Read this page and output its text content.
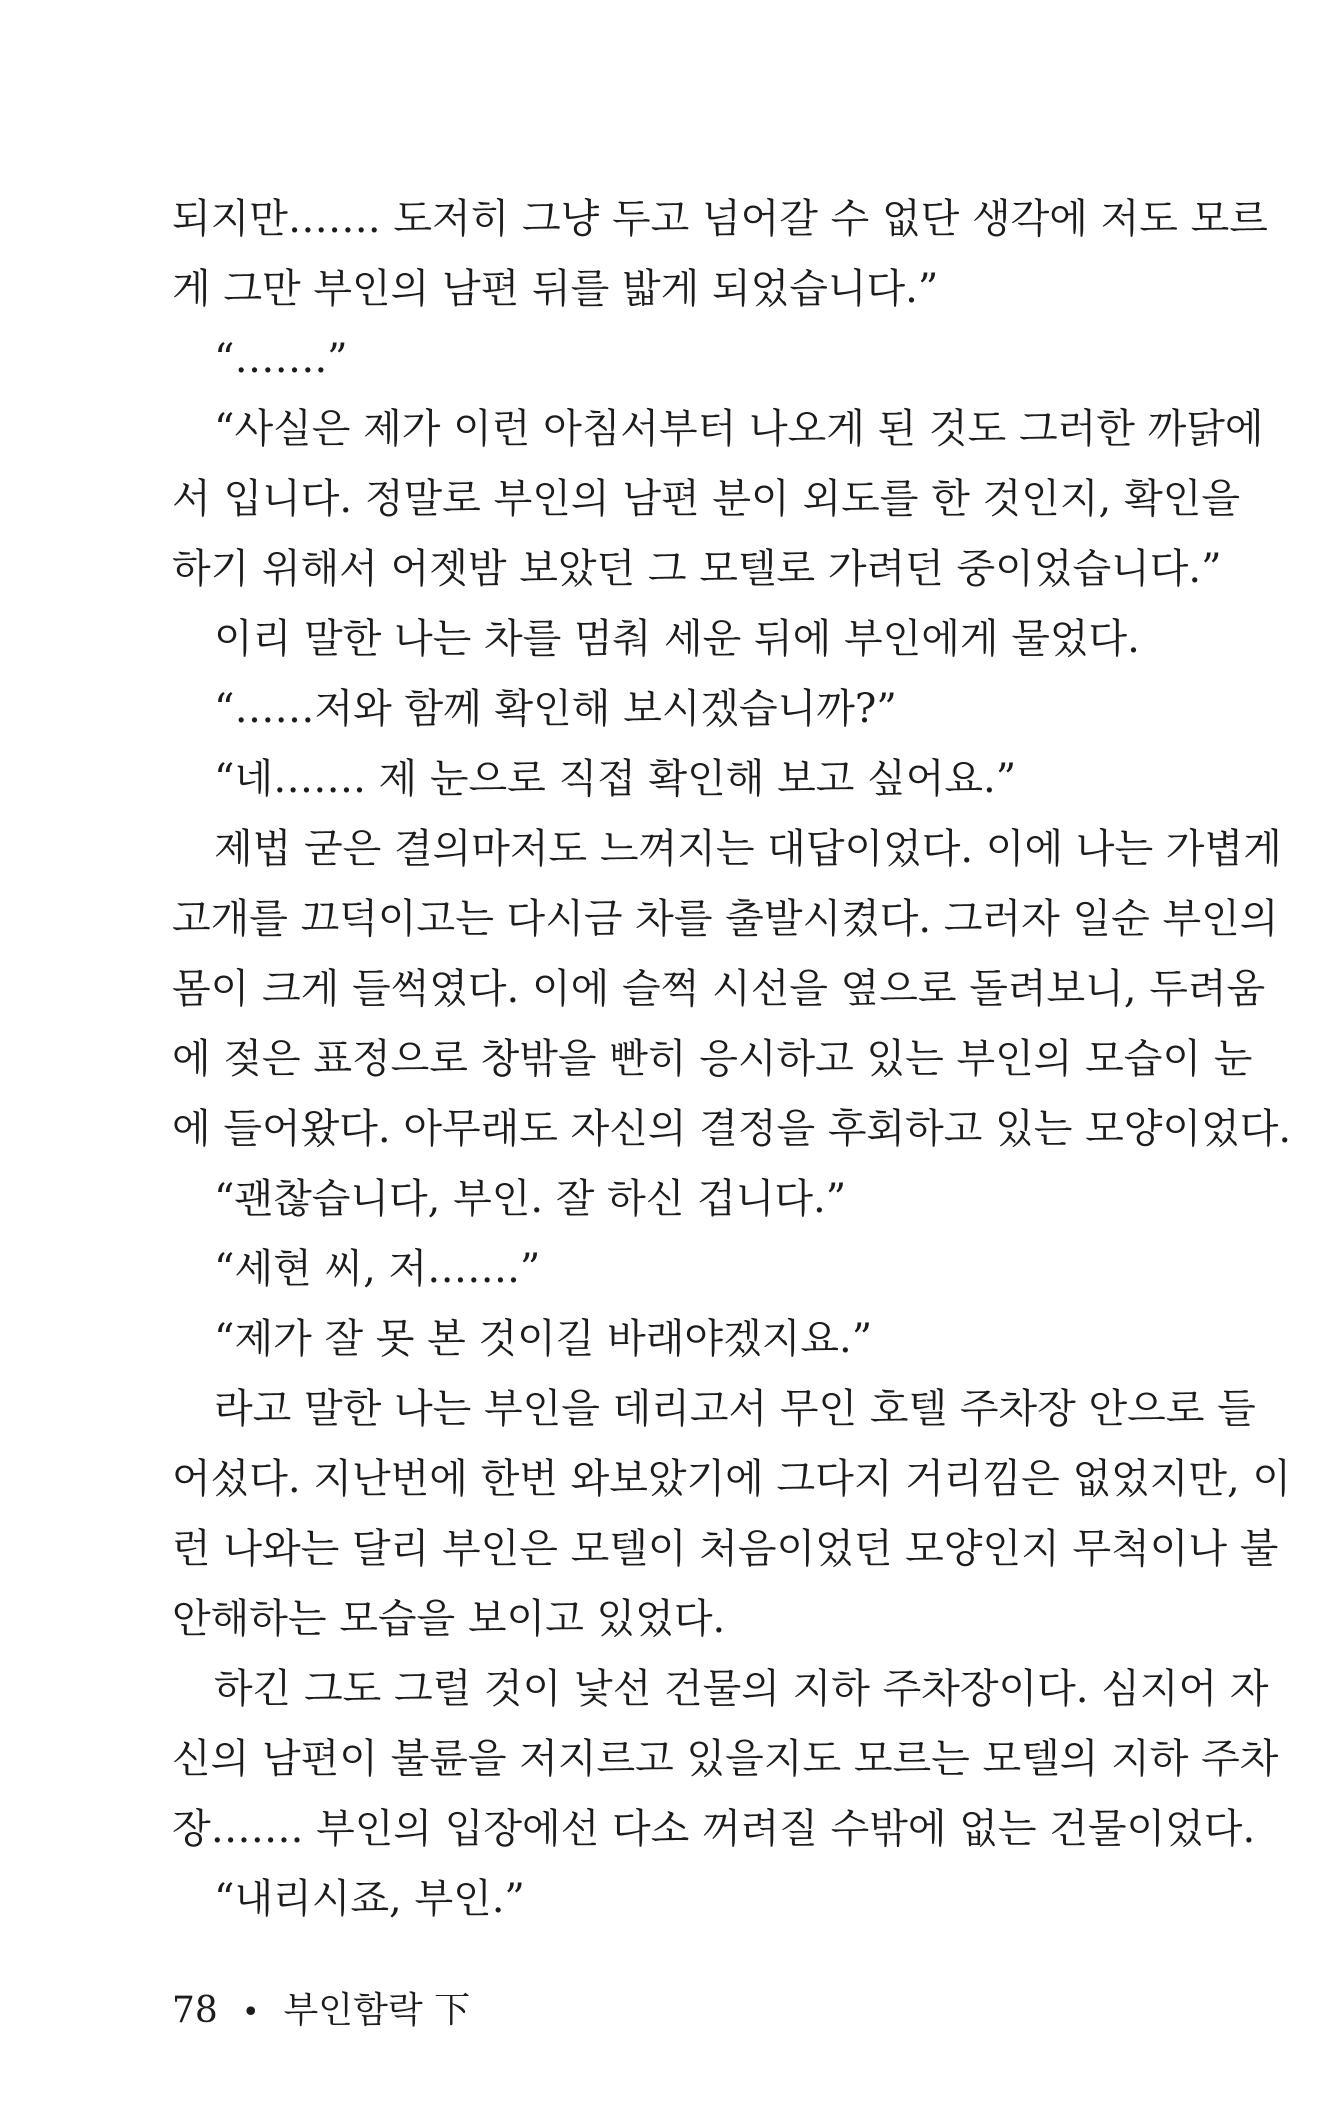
되지만……. 도저히 그냥 두고 넘어갈 수 없단 생각에 저도 모르
게 그만 부인의 남편 뒤를 밟게 되었습니다.”
“…….”
“사실은 제가 이런 아침서부터 나오게 된 것도 그러한 까닭에
서 입니다. 정말로 부인의 남편 분이 외도를 한 것인지, 확인을
하기 위해서 어젯밤 보았던 그 모텔로 가려던 중이었습니다.”
이리 말한 나는 차를 멈춰 세운 뒤에 부인에게 물었다.
“……저와 함께 확인해 보시겠습니까?”
“네……. 제 눈으로 직접 확인해 보고 싶어요.”
제법 굳은 결의마저도 느껴지는 대답이었다. 이에 나는 가볍게
고개를 끄덕이고는 다시금 차를 출발시켰다. 그러자 일순 부인의
몸이 크게 들썩였다. 이에 슬쩍 시선을 옆으로 돌려보니, 두려움
에 젖은 표정으로 창밖을 빤히 응시하고 있는 부인의 모습이 눈
에 들어왔다. 아무래도 자신의 결정을 후회하고 있는 모양이었다.
“괜찮습니다, 부인. 잘 하신 겁니다.”
“세현 씨, 저…….”
“제가 잘 못 본 것이길 바래야겠지요.”
라고 말한 나는 부인을 데리고서 무인 호텔 주차장 안으로 들
어섰다. 지난번에 한번 와보았기에 그다지 거리낌은 없었지만, 이
런 나와는 달리 부인은 모텔이 처음이었던 모양인지 무척이나 불
안해하는 모습을 보이고 있었다.
하긴 그도 그럴 것이 낯선 건물의 지하 주차장이다. 심지어 자
신의 남편이 불륜을 저지르고 있을지도 모르는 모텔의 지하 주차
장……. 부인의 입장에선 다소 꺼려질 수밖에 없는 건물이었다.
“내리시죠, 부인.”
78 • 부인함락 下
